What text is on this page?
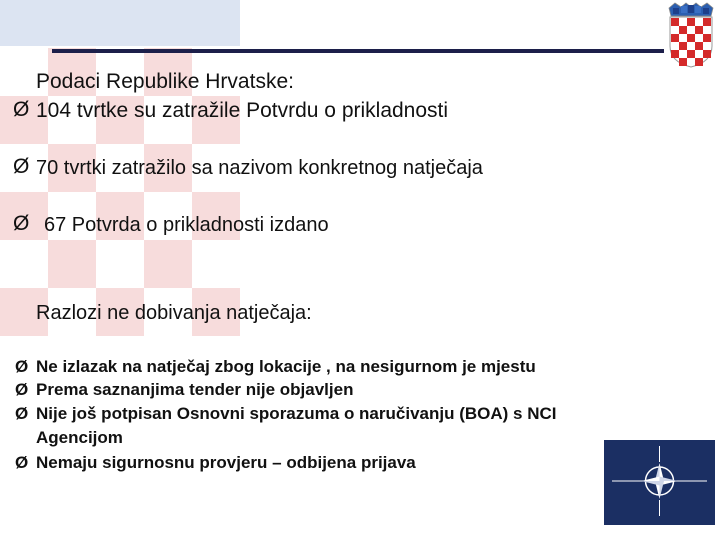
Podaci Republike Hrvatske:
Ø 104 tvrtke su zatražile Potvrdu o prikladnosti
Ø 70 tvrtki zatražilo sa nazivom konkretnog natječaja
Ø 67 Potvrda o prikladnosti izdano
Razlozi ne dobivanja natječaja:
Ø Ne izlazak na natječaj zbog lokacije , na nesigurnom je mjestu
Ø Prema saznanjima tender nije objavljen
Ø Nije još potpisan Osnovni sporazuma o naručivanju (BOA) s NCI
Agencijom
Ø Nemaju sigurnosnu provjeru – odbijena prijava
